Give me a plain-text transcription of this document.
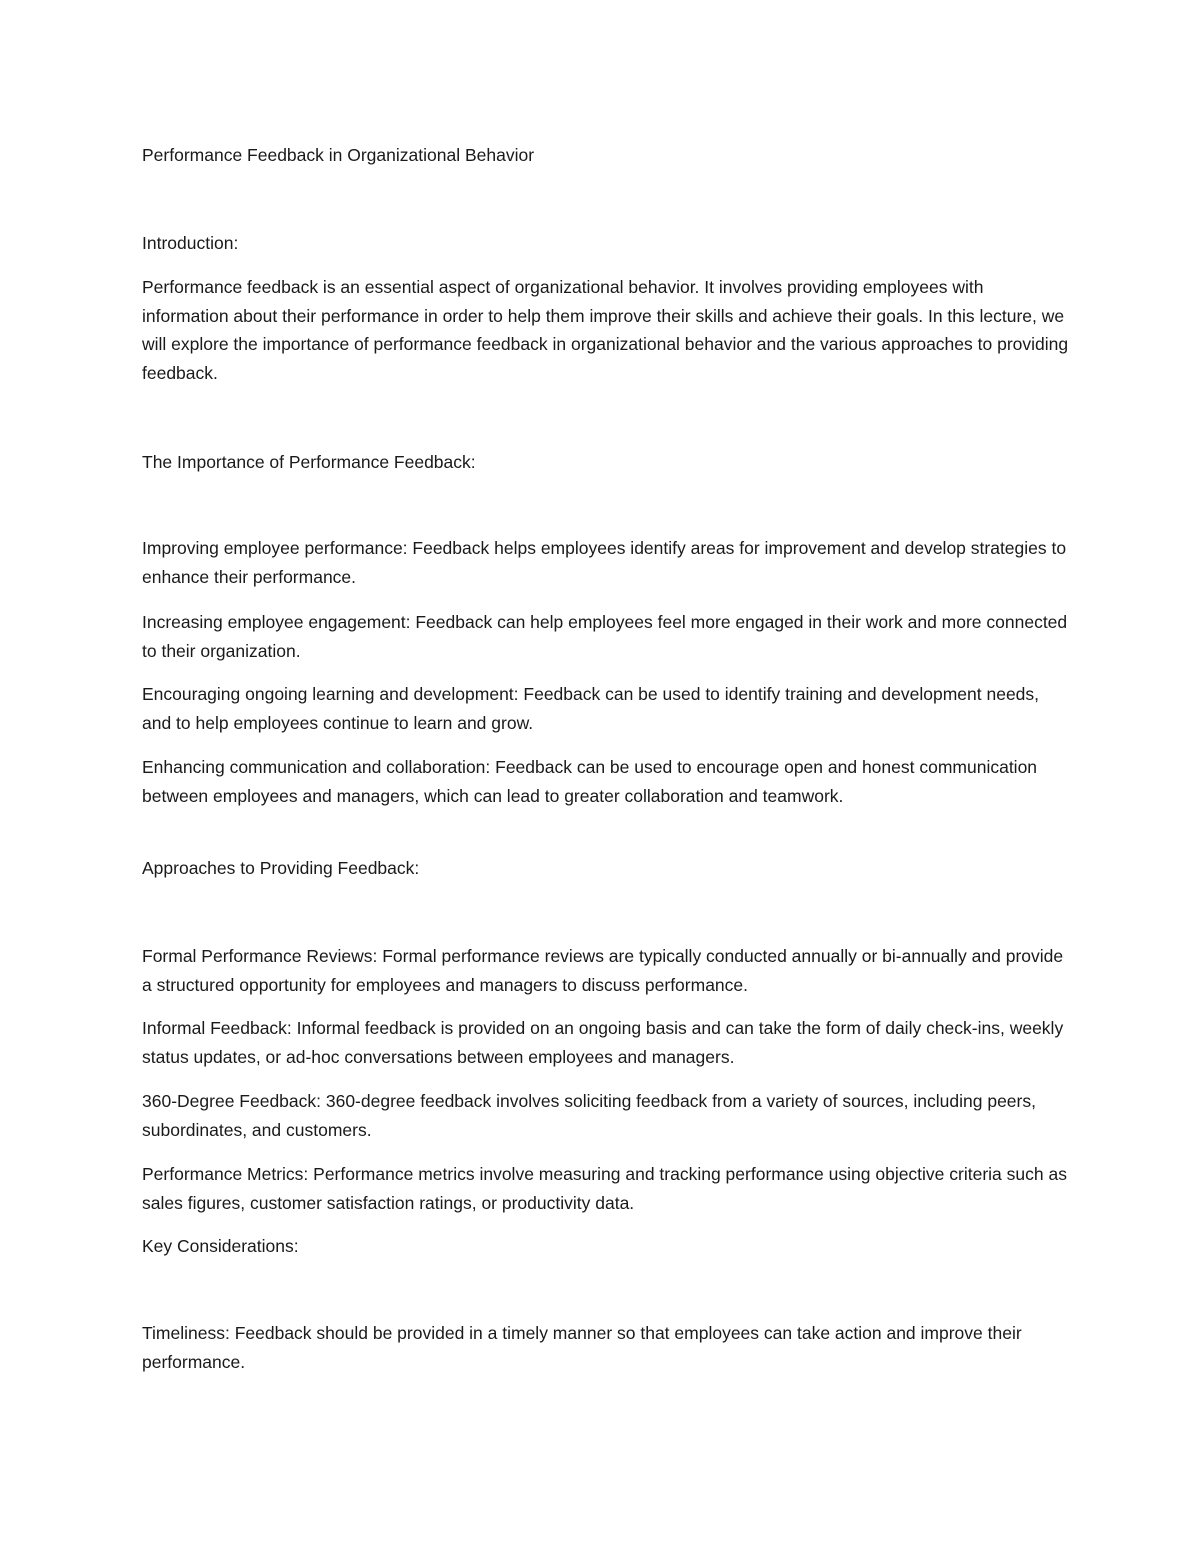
Performance Feedback in Organizational Behavior

Introduction:

Performance feedback is an essential aspect of organizational behavior. It involves providing employees with information about their performance in order to help them improve their skills and achieve their goals. In this lecture, we will explore the importance of performance feedback in organizational behavior and the various approaches to providing feedback.

The Importance of Performance Feedback:

Improving employee performance: Feedback helps employees identify areas for improvement and develop strategies to enhance their performance.

Increasing employee engagement: Feedback can help employees feel more engaged in their work and more connected to their organization.

Encouraging ongoing learning and development: Feedback can be used to identify training and development needs, and to help employees continue to learn and grow.

Enhancing communication and collaboration: Feedback can be used to encourage open and honest communication between employees and managers, which can lead to greater collaboration and teamwork.

Approaches to Providing Feedback:

Formal Performance Reviews: Formal performance reviews are typically conducted annually or bi-annually and provide a structured opportunity for employees and managers to discuss performance.

Informal Feedback: Informal feedback is provided on an ongoing basis and can take the form of daily check-ins, weekly status updates, or ad-hoc conversations between employees and managers.

360-Degree Feedback: 360-degree feedback involves soliciting feedback from a variety of sources, including peers, subordinates, and customers.

Performance Metrics: Performance metrics involve measuring and tracking performance using objective criteria such as sales figures, customer satisfaction ratings, or productivity data.

Key Considerations:

Timeliness: Feedback should be provided in a timely manner so that employees can take action and improve their performance.
